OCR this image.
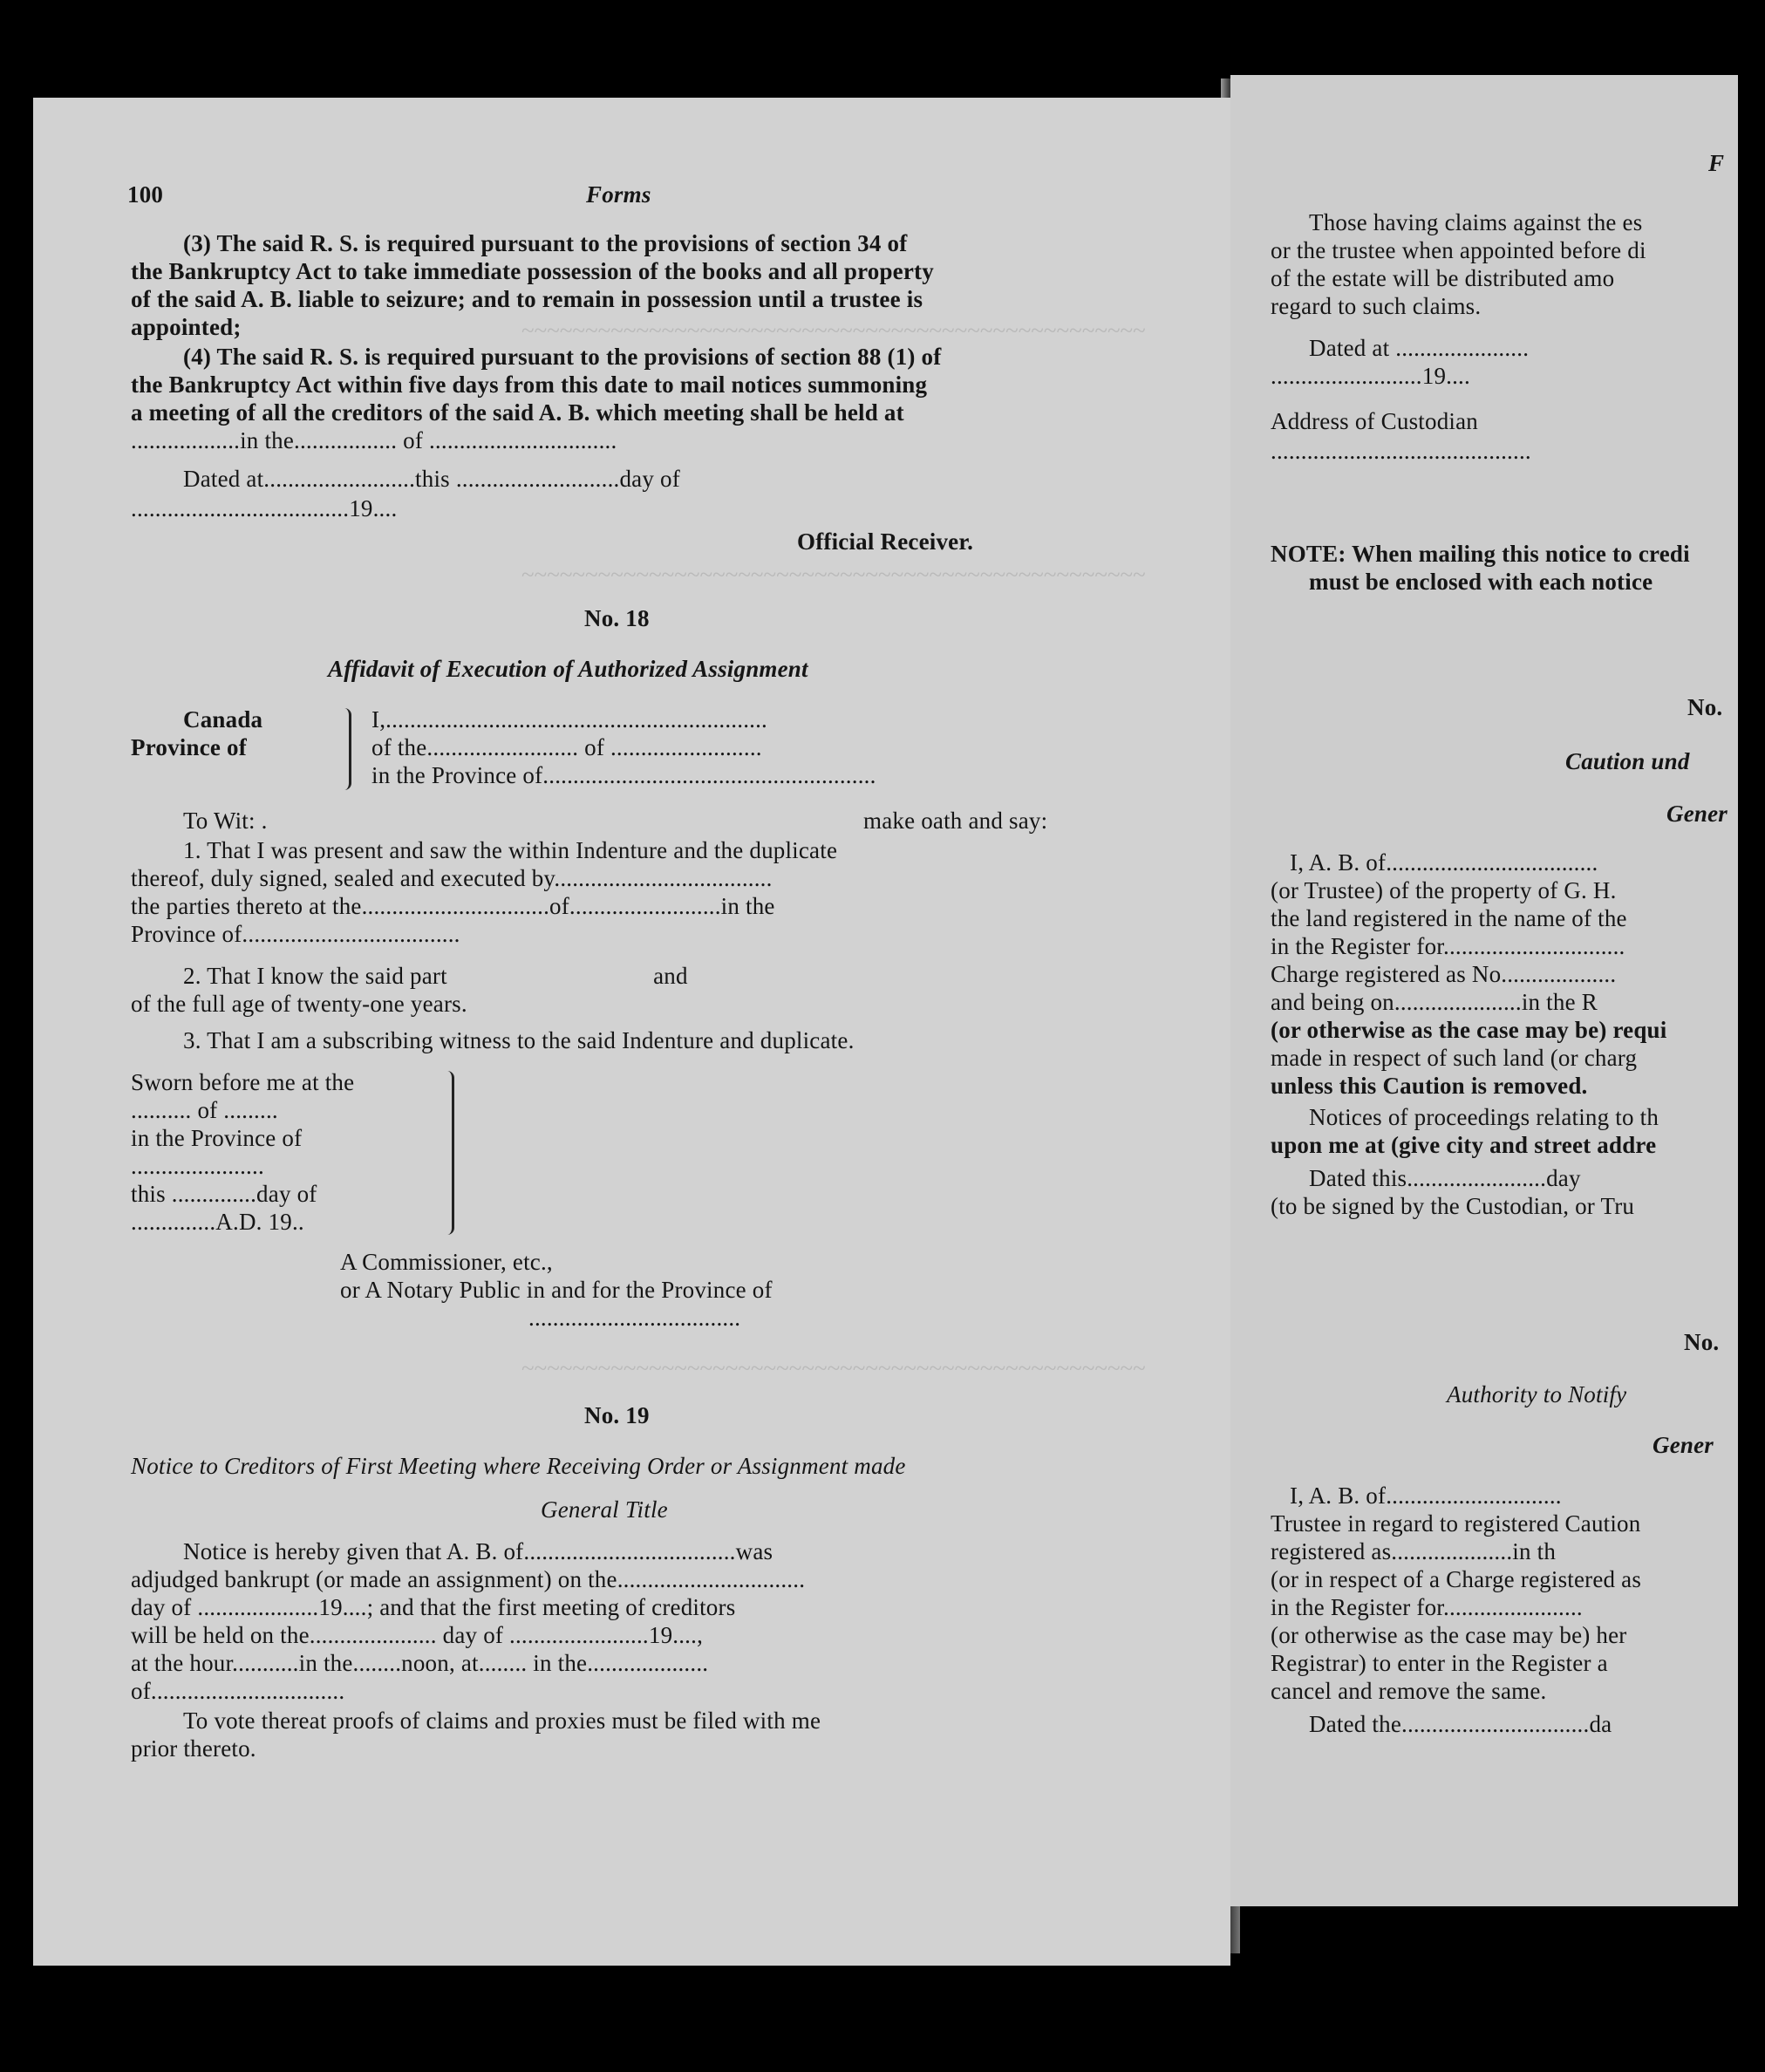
~~~~~~~~~~~~~~~~~~~~~~~~~~~~~~~~~~~~~~~~~~~~~~~~~
~~~~~~~~~~~~~~~~~~~~~~~~~~~~~~~~~~~~~~~~~~~~~~~~~
~~~~~~~~~~~~~~~~~~~~~~~~~~~~~~~~~~~~~~~~~~~~~~~~~
100	Forms
(3) The said R. S. is required pursuant to the provisions of section 34 of
the Bankruptcy Act to take immediate possession of the books and all property
of the said A. B. liable to seizure; and to remain in possession until a trustee is
appointed;
(4) The said R. S. is required pursuant to the provisions of section 88 (1) of
the Bankruptcy Act within five days from this date to mail notices summoning
a meeting of all the creditors of the said A. B. which meeting shall be held at
..................in the................. of ...............................
Dated at.........................this ...........................day of
....................................19....
Official Receiver.
No. 18
Affidavit of Execution of Authorized Assignment
Canada
Province of
I,...............................................................
of the......................... of .........................
in the Province of.......................................................
To Wit: .	make oath and say:
1. That I was present and saw the within Indenture and the duplicate
thereof, duly signed, sealed and executed by....................................
the parties thereto at the...............................of.........................in the
Province of....................................
2. That I know the said part                                  and
of the full age of twenty-one years.
3. That I am a subscribing witness to the said Indenture and duplicate.
Sworn before me at the
.......... of .........
in the Province of
......................
this ..............day of
..............A.D. 19..
A Commissioner, etc.,
or A Notary Public in and for the Province of
...................................
No. 19
Notice to Creditors of First Meeting where Receiving Order or Assignment made
General Title
Notice is hereby given that A. B. of...................................was
adjudged bankrupt (or made an assignment) on the...............................
day of ....................19....; and that the first meeting of creditors
will be held on the..................... day of .......................19....,
at the hour...........in the........noon, at........ in the....................
of................................
To vote thereat proofs of claims and proxies must be filed with me
prior thereto.
F
Those having claims against the es
or the trustee when appointed before di
of the estate will be distributed amo
regard to such claims.
Dated at ......................
.........................19....
Address of Custodian
...........................................
NOTE: When mailing this notice to credi
must be enclosed with each notice
No.
Caution und
Gener
I, A. B. of...................................
(or Trustee) of the property of G. H.
the land registered in the name of the
in the Register for..............................
Charge registered as No...................
and being on.....................in the R
(or otherwise as the case may be) requi
made in respect of such land (or charg
unless this Caution is removed.
Notices of proceedings relating to th
upon me at (give city and street addre
Dated this.......................day
(to be signed by the Custodian, or Tru
No.
Authority to Notify
Gener
I, A. B. of.............................
Trustee in regard to registered Caution
registered as....................in th
(or in respect of a Charge registered as
in the Register for.......................
(or otherwise as the case may be) her
Registrar) to enter in the Register a
cancel and remove the same.
Dated the...............................da
